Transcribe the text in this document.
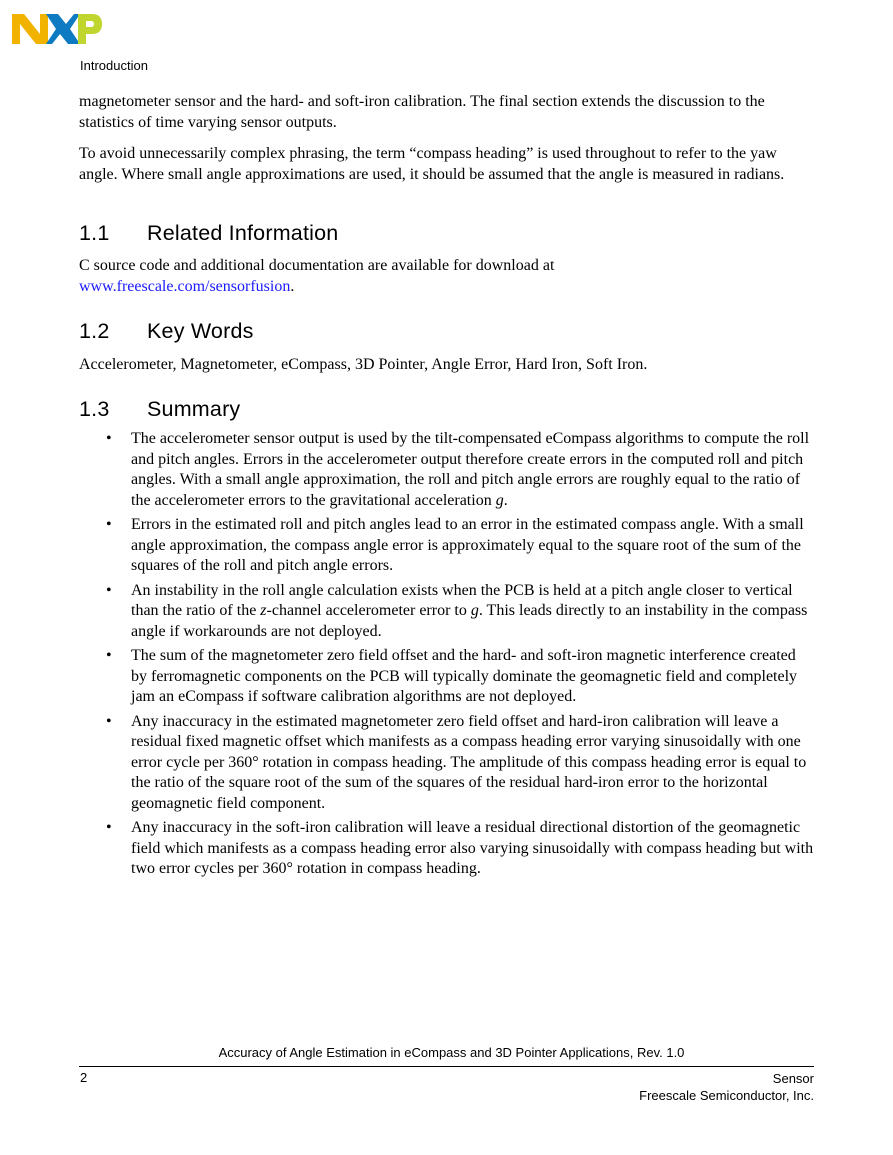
Introduction

magnetometer sensor and the hard- and soft-iron calibration. The final section extends the discussion to the statistics of time varying sensor outputs.

To avoid unnecessarily complex phrasing, the term “compass heading” is used throughout to refer to the yaw angle. Where small angle approximations are used, it should be assumed that the angle is measured in radians.

1.1 Related Information

C source code and additional documentation are available for download at
www.freescale.com/sensorfusion.

1.2 Key Words

Accelerometer, Magnetometer, eCompass, 3D Pointer, Angle Error, Hard Iron, Soft Iron.

1.3 Summary
• The accelerometer sensor output is used by the tilt-compensated eCompass algorithms to compute the roll and pitch angles. Errors in the accelerometer output therefore create errors in the computed roll and pitch angles. With a small angle approximation, the roll and pitch angle errors are roughly equal to the ratio of the accelerometer errors to the gravitational acceleration g.
• Errors in the estimated roll and pitch angles lead to an error in the estimated compass angle. With a small angle approximation, the compass angle error is approximately equal to the square root of the sum of the squares of the roll and pitch angle errors.
• An instability in the roll angle calculation exists when the PCB is held at a pitch angle closer to vertical than the ratio of the z-channel accelerometer error to g. This leads directly to an instability in the compass angle if workarounds are not deployed.
• The sum of the magnetometer zero field offset and the hard- and soft-iron magnetic interference created by ferromagnetic components on the PCB will typically dominate the geomagnetic field and completely jam an eCompass if software calibration algorithms are not deployed.
• Any inaccuracy in the estimated magnetometer zero field offset and hard-iron calibration will leave a residual fixed magnetic offset which manifests as a compass heading error varying sinusoidally with one error cycle per 360° rotation in compass heading. The amplitude of this compass heading error is equal to the ratio of the square root of the sum of the squares of the residual hard-iron error to the horizontal geomagnetic field component.
• Any inaccuracy in the soft-iron calibration will leave a residual directional distortion of the geomagnetic field which manifests as a compass heading error also varying sinusoidally with compass heading but with two error cycles per 360° rotation in compass heading.
Accuracy of Angle Estimation in eCompass and 3D Pointer Applications, Rev. 1.0
2	Sensor
Freescale Semiconductor, Inc.
